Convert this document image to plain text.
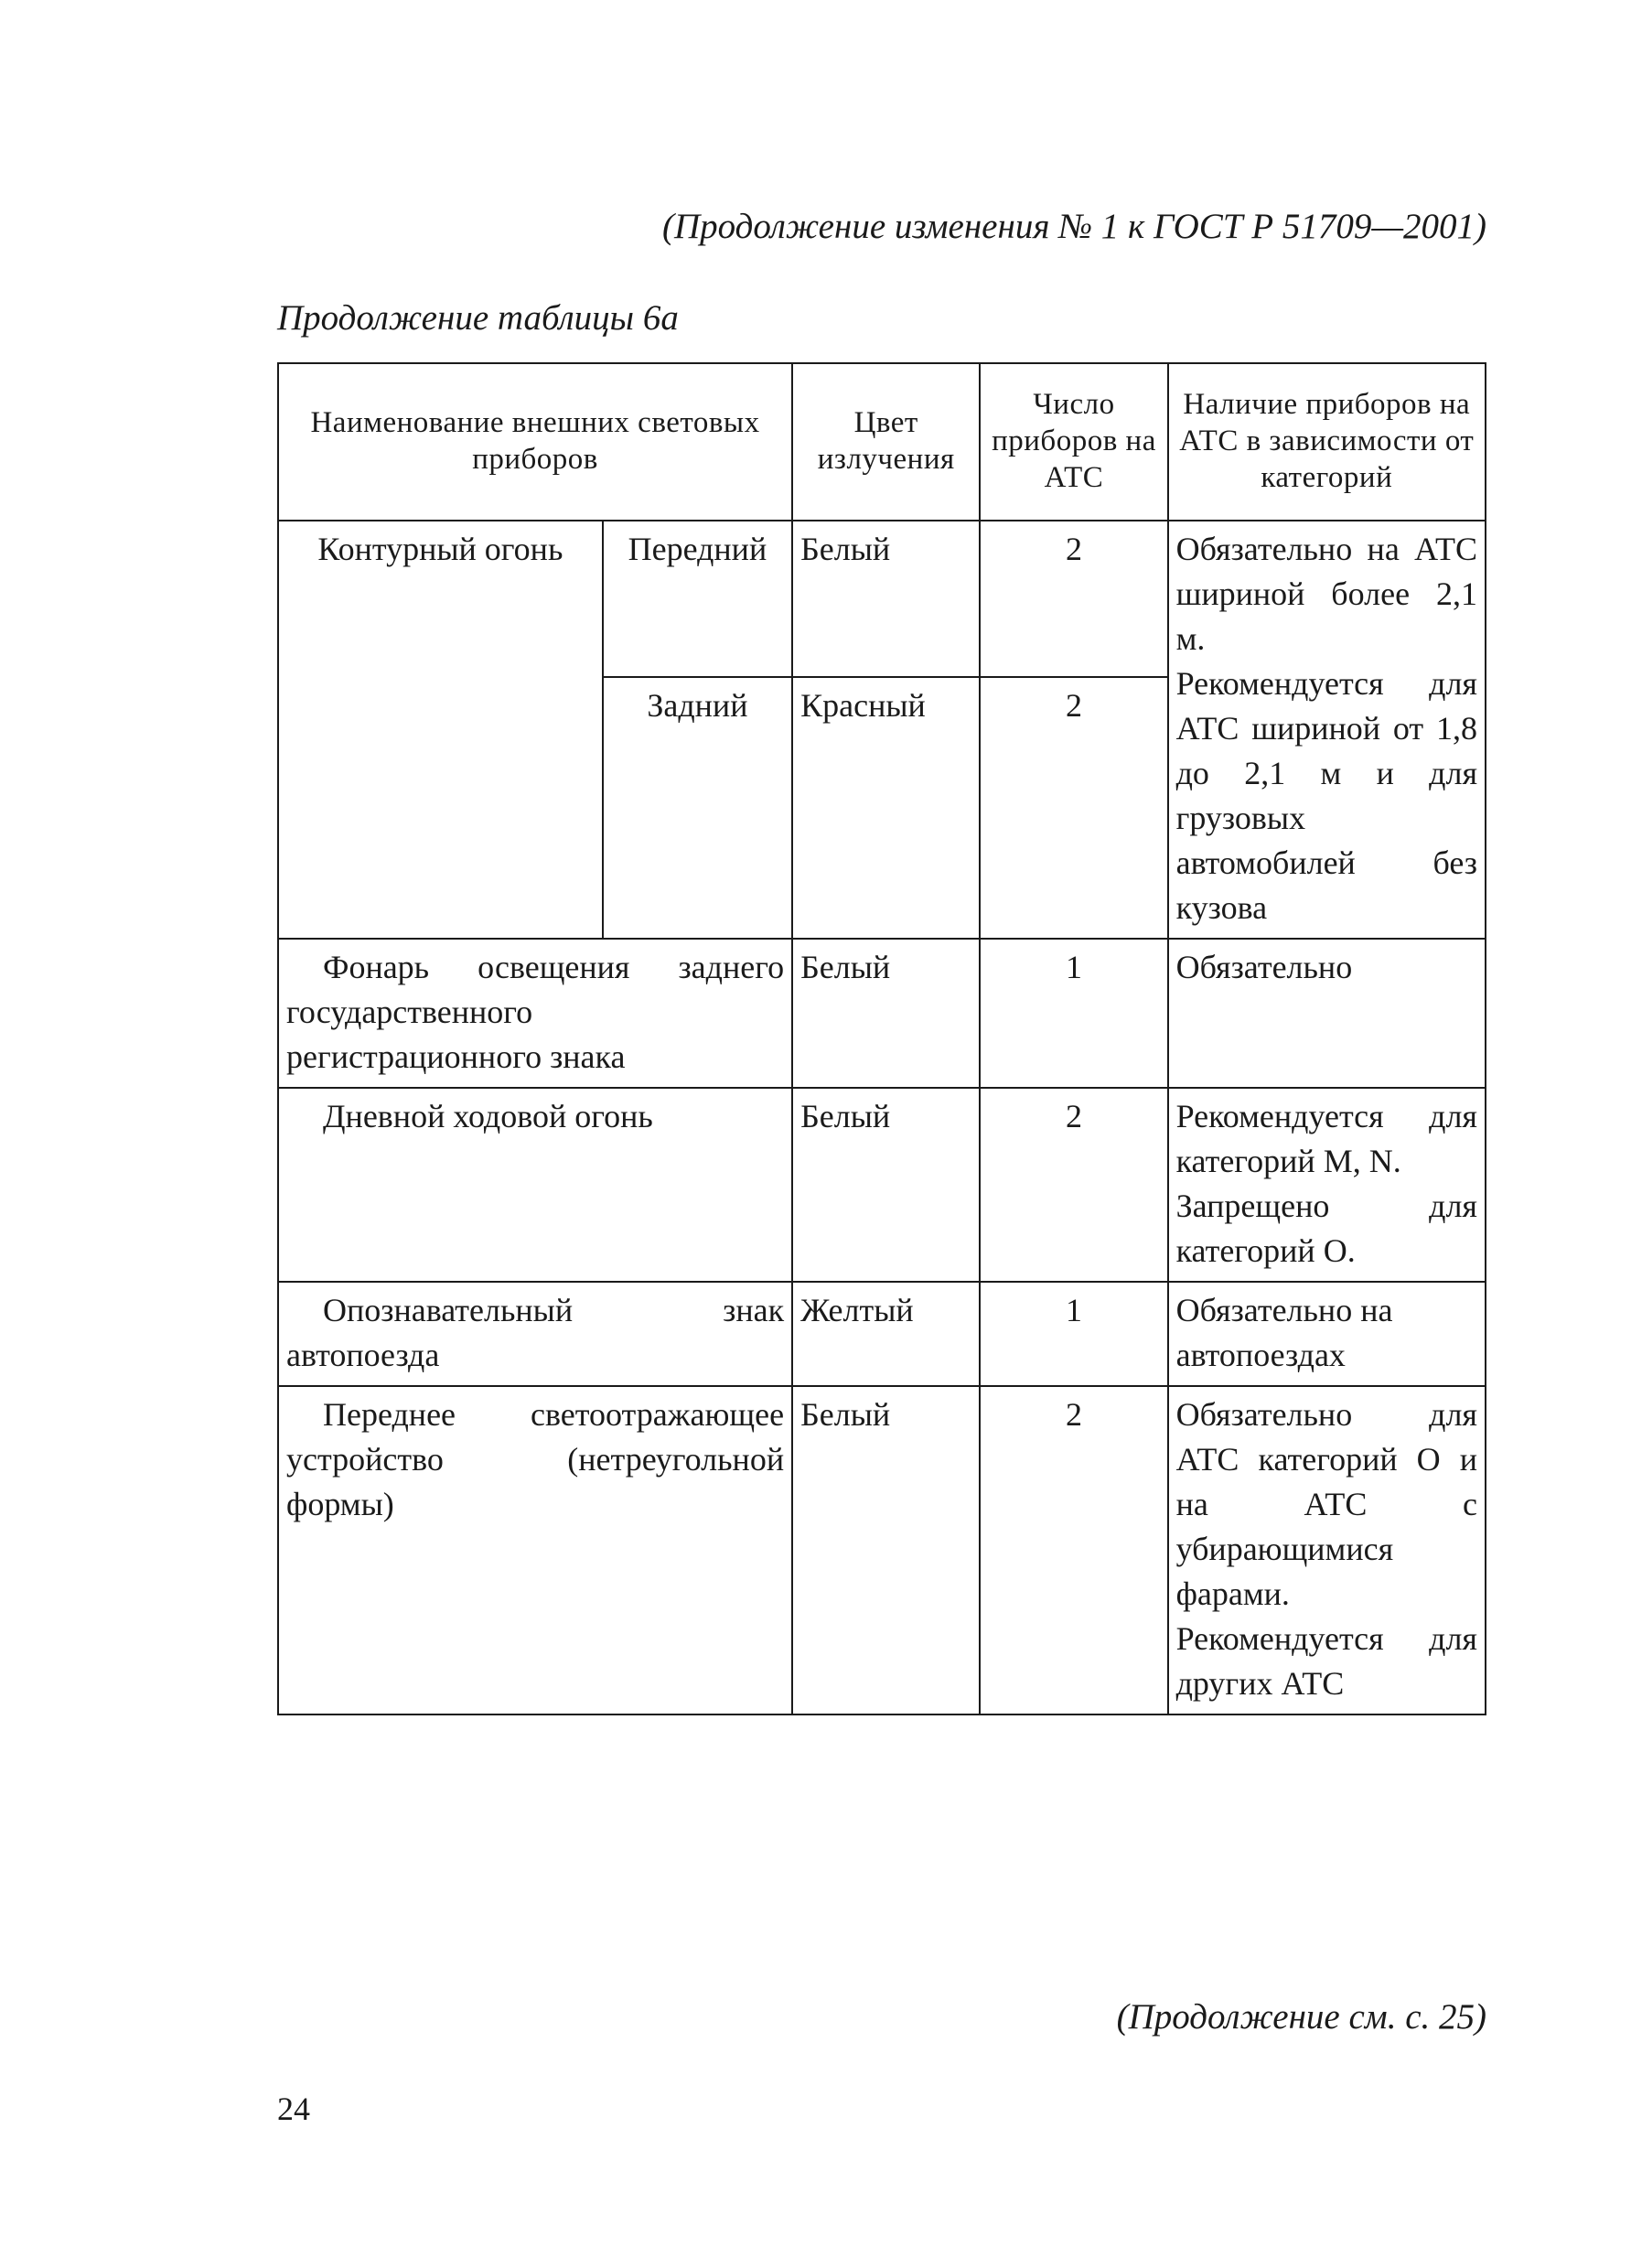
(Продолжение изменения № 1 к ГОСТ Р 51709—2001)
Продолжение таблицы 6а
Наименование внешних световых приборов		Цвет излучения	Число приборов на АТС	Наличие приборов на АТС в зависимости от категорий
Контурный огонь	Передний	Белый	2	Обязательно на АТС шириной более 2,1 м.
Рекомендуется для АТС шириной от 1,8 до 2,1 м и для грузовых автомобилей без кузова

	Задний	Красный	2	
Фонарь освещения заднего государственного регистрационного знака		Белый	1	Обязательно

Дневной ходовой огонь		Белый	2	Рекомендуется для категорий М, N.
Запрещено для категорий О.

Опознавательный знак автопоезда		Желтый	1	Обязательно на автопоездах

Переднее светоотражающее устройство (нетреугольной формы)		Белый	2	Обязательно для АТС категорий О и на АТС с убирающимися фарами.
Рекомендуется для других АТС
(Продолжение см. с. 25)
24
